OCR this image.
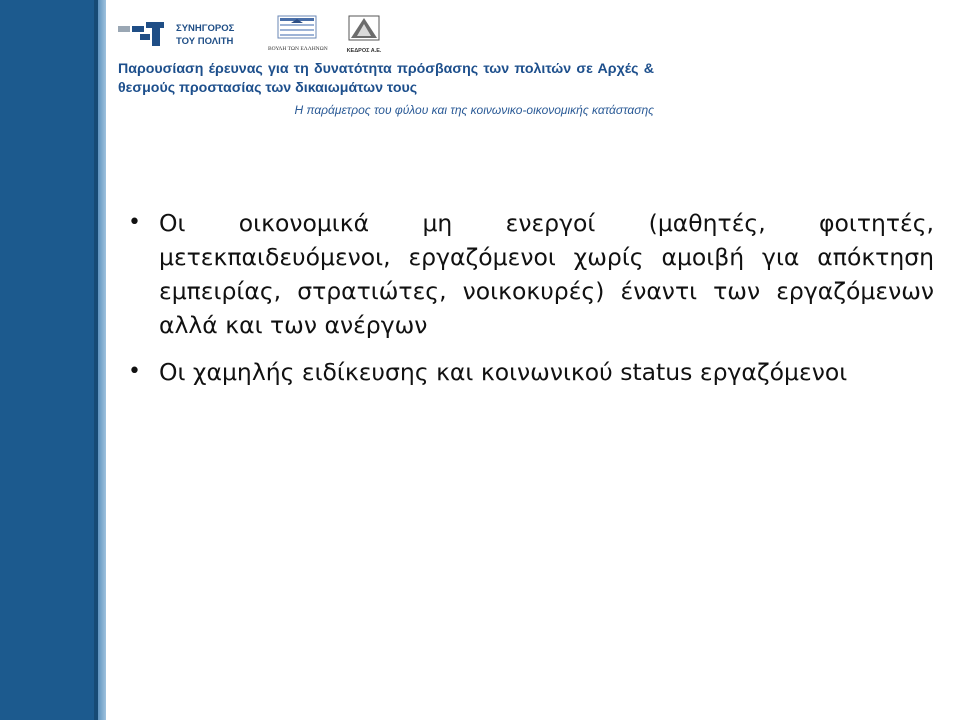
ΣΥΝΗΓΟΡΟΣ
ΤΟΥ ΠΟΛΙΤΗ
ΒΟΥΛΗ ΤΩΝ ΕΛΛΗΝΩΝ	ΚΕΔΡΟΣ Α.Ε.
Παρουσίαση έρευνας για τη δυνατότητα πρόσβασης των πολιτών σε Αρχές & θεσμούς προστασίας των δικαιωμάτων τους
Η παράμετρος του φύλου και της κοινωνικο-οικονομικής κατάστασης
• Οι οικονομικά μη ενεργοί (μαθητές, φοιτητές, μετεκπαιδευόμενοι, εργαζόμενοι χωρίς αμοιβή για απόκτηση εμπειρίας, στρατιώτες, νοικοκυρές) έναντι των εργαζόμενων αλλά και των ανέργων
• Οι χαμηλής ειδίκευσης και κοινωνικού status εργαζόμενοι
